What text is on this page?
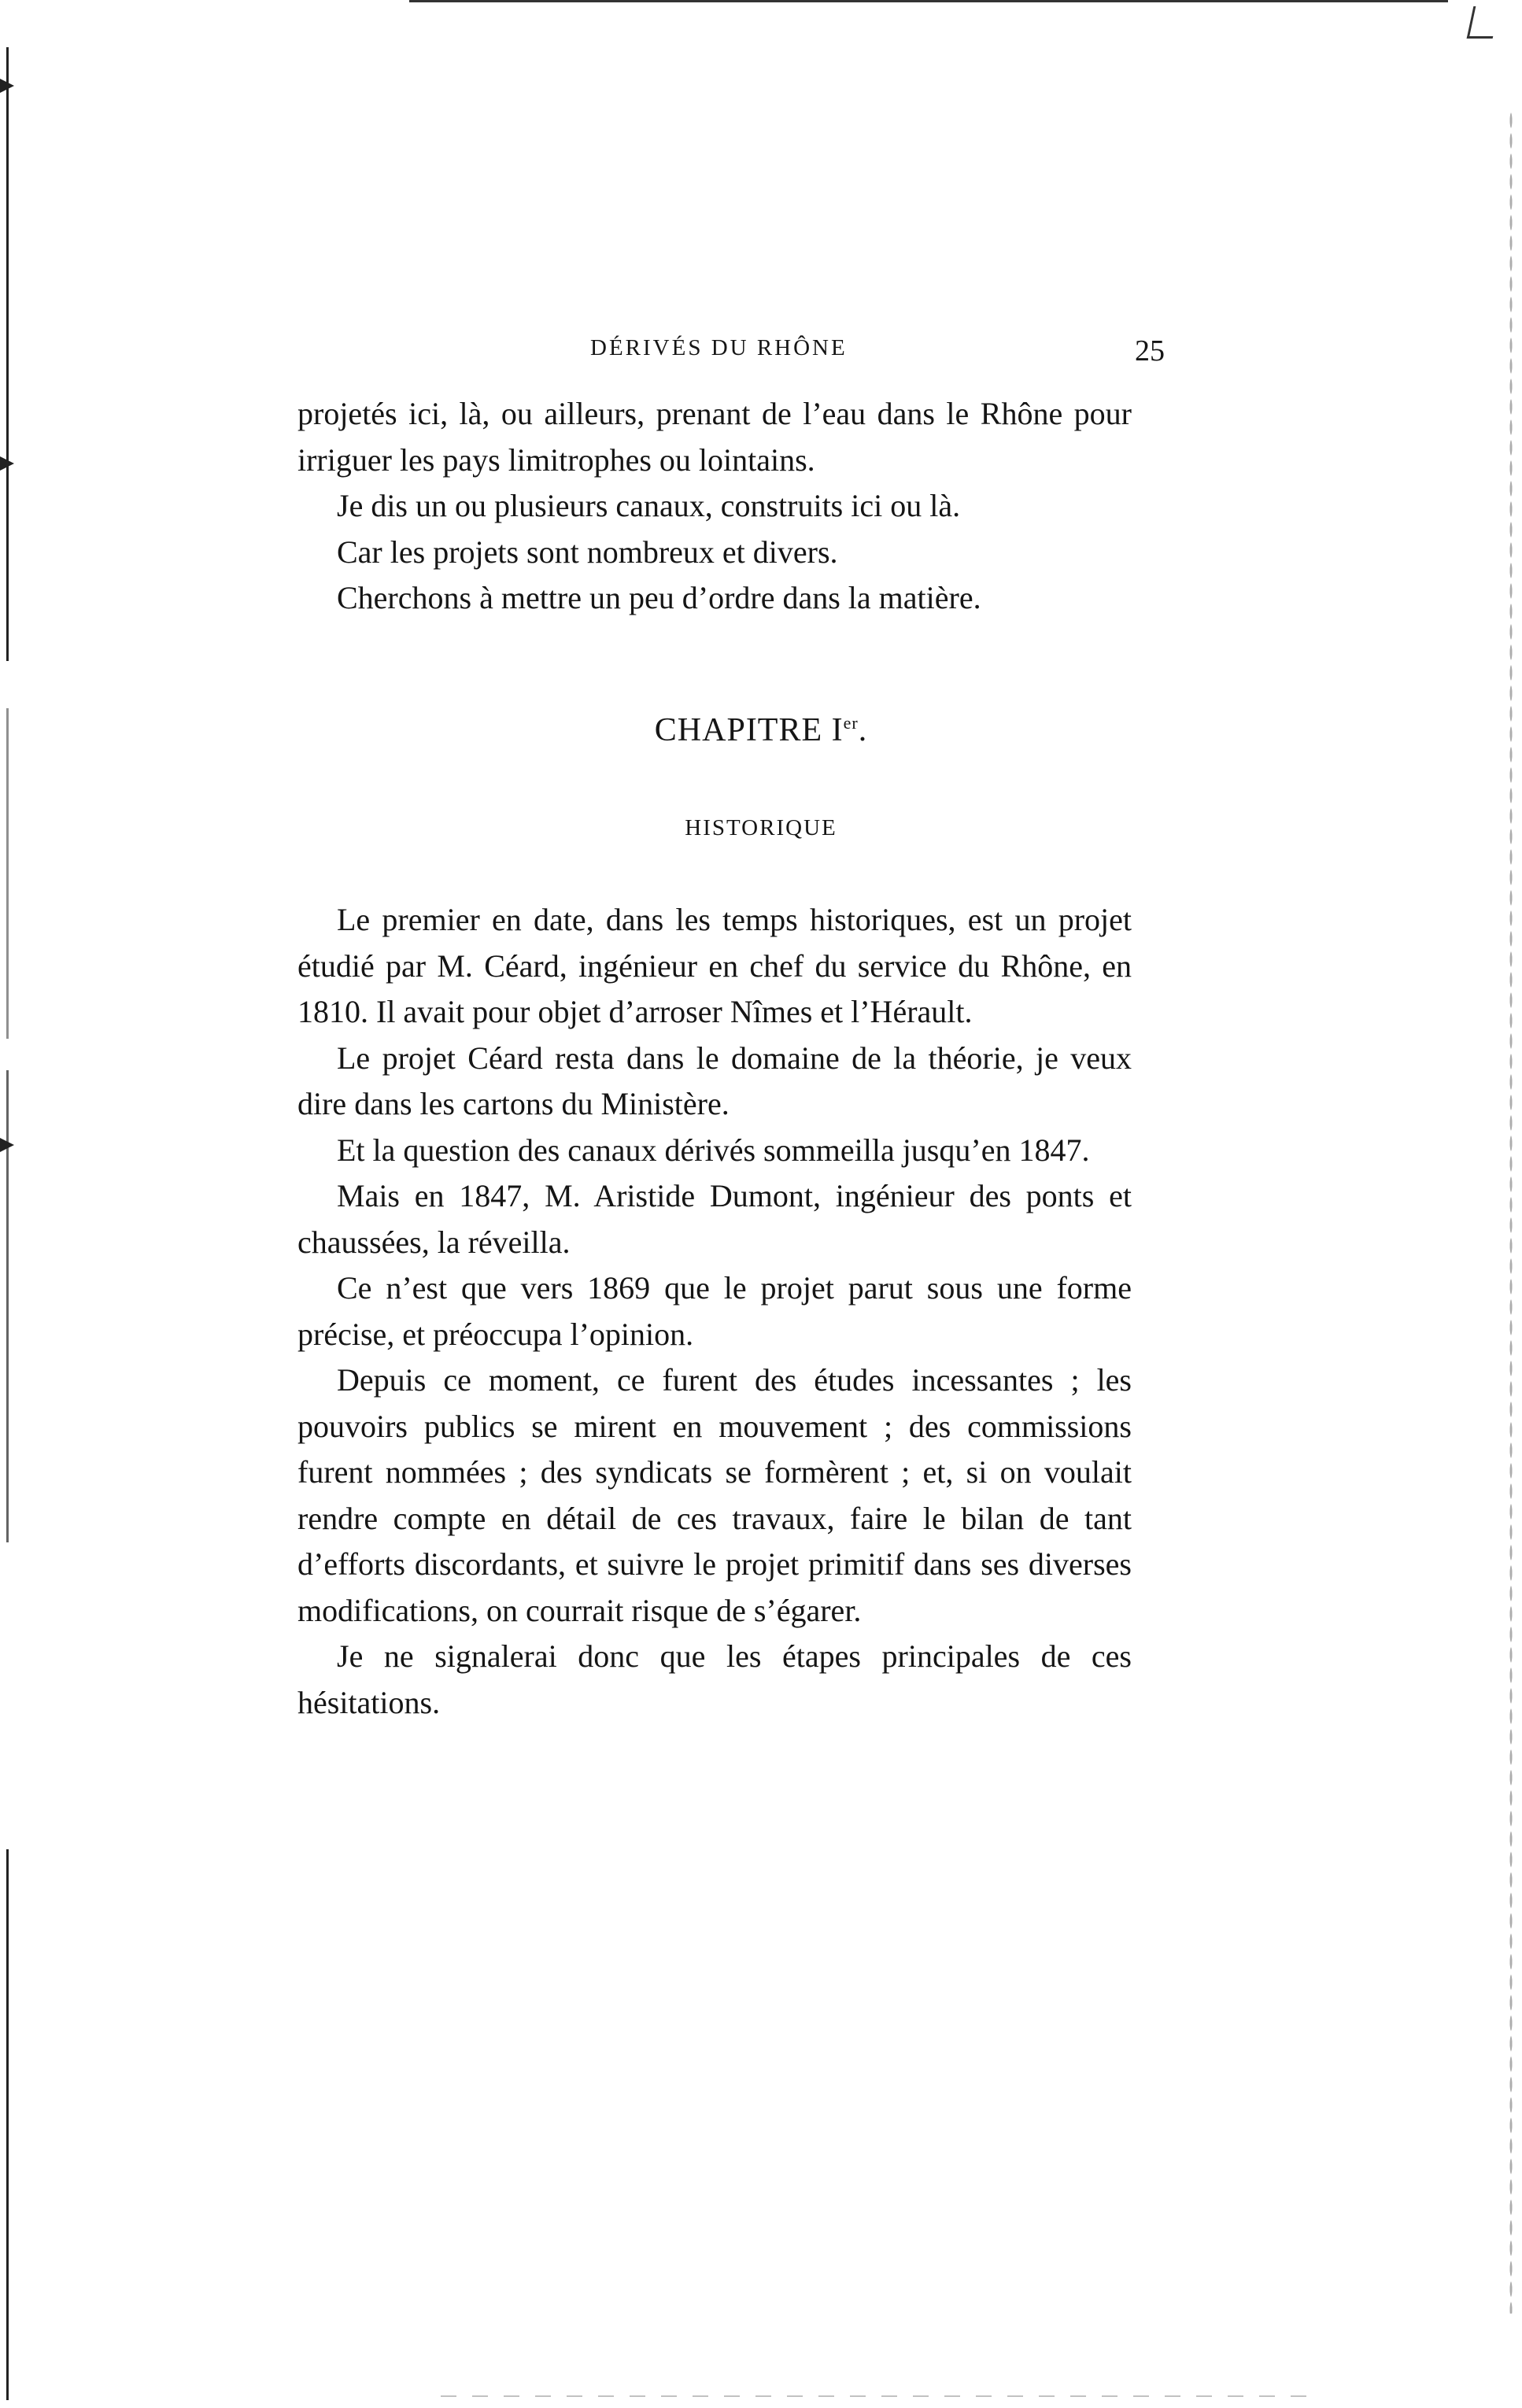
DÉRIVÉS DU RHÔNE	25

projetés ici, là, ou ailleurs, prenant de l’eau dans le Rhône pour irriguer les pays limitrophes ou lointains.

Je dis un ou plusieurs canaux, construits ici ou là.

Car les projets sont nombreux et divers.

Cherchons à mettre un peu d’ordre dans la matière.

CHAPITRE Ier.
HISTORIQUE

Le premier en date, dans les temps historiques, est un projet étudié par M. Céard, ingénieur en chef du service du Rhône, en 1810. Il avait pour objet d’arroser Nîmes et l’Hérault.

Le projet Céard resta dans le domaine de la théorie, je veux dire dans les cartons du Ministère.

Et la question des canaux dérivés sommeilla jusqu’en 1847.

Mais en 1847, M. Aristide Dumont, ingénieur des ponts et chaussées, la réveilla.

Ce n’est que vers 1869 que le projet parut sous une forme précise, et préoccupa l’opinion.

Depuis ce moment, ce furent des études incessantes ; les pouvoirs publics se mirent en mouvement ; des commissions furent nommées ; des syndicats se formèrent ; et, si on voulait rendre compte en détail de ces travaux, faire le bilan de tant d’efforts discordants, et suivre le projet primitif dans ses diverses modifications, on courrait risque de s’égarer.

Je ne signalerai donc que les étapes principales de ces hésitations.
